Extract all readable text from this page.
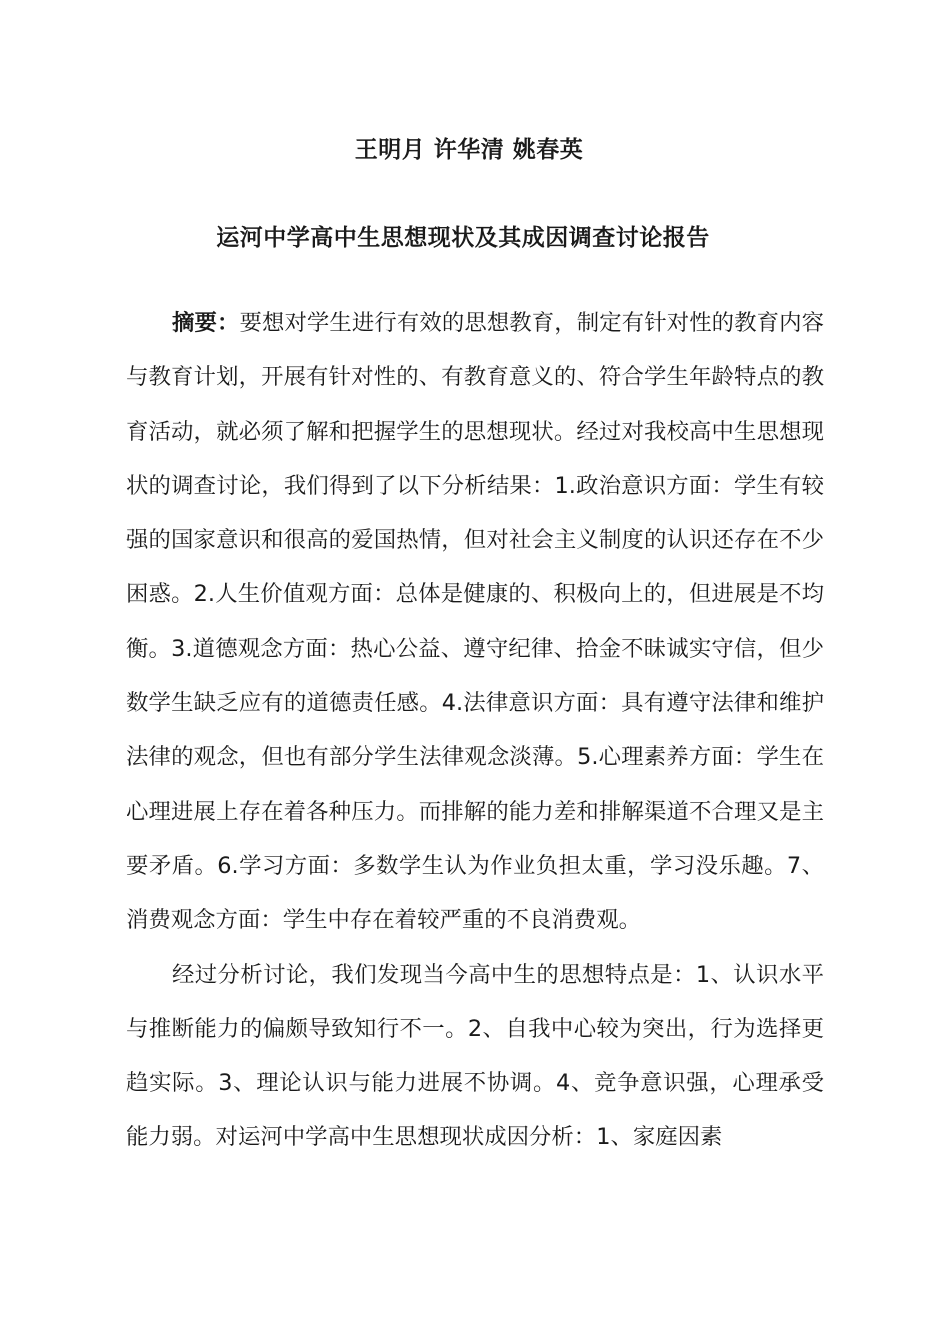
王明月 许华清 姚春英
运河中学高中生思想现状及其成因调查讨论报告

摘要：要想对学生进行有效的思想教育，制定有针对性的教育内容与教育计划，开展有针对性的、有教育意义的、符合学生年龄特点的教育活动，就必须了解和把握学生的思想现状。经过对我校高中生思想现状的调查讨论，我们得到了以下分析结果：1.政治意识方面：学生有较强的国家意识和很高的爱国热情，但对社会主义制度的认识还存在不少困惑。2.人生价值观方面：总体是健康的、积极向上的，但进展是不均衡。3.道德观念方面：热心公益、遵守纪律、拾金不昧诚实守信，但少数学生缺乏应有的道德责任感。4.法律意识方面：具有遵守法律和维护法律的观念，但也有部分学生法律观念淡薄。5.心理素养方面：学生在心理进展上存在着各种压力。而排解的能力差和排解渠道不合理又是主要矛盾。6.学习方面：多数学生认为作业负担太重，学习没乐趣。7、消费观念方面：学生中存在着较严重的不良消费观。

经过分析讨论，我们发现当今高中生的思想特点是：1、认识水平与推断能力的偏颇导致知行不一。2、自我中心较为突出，行为选择更趋实际。3、理论认识与能力进展不协调。4、竞争意识强，心理承受能力弱。对运河中学高中生思想现状成因分析：1、家庭因素
